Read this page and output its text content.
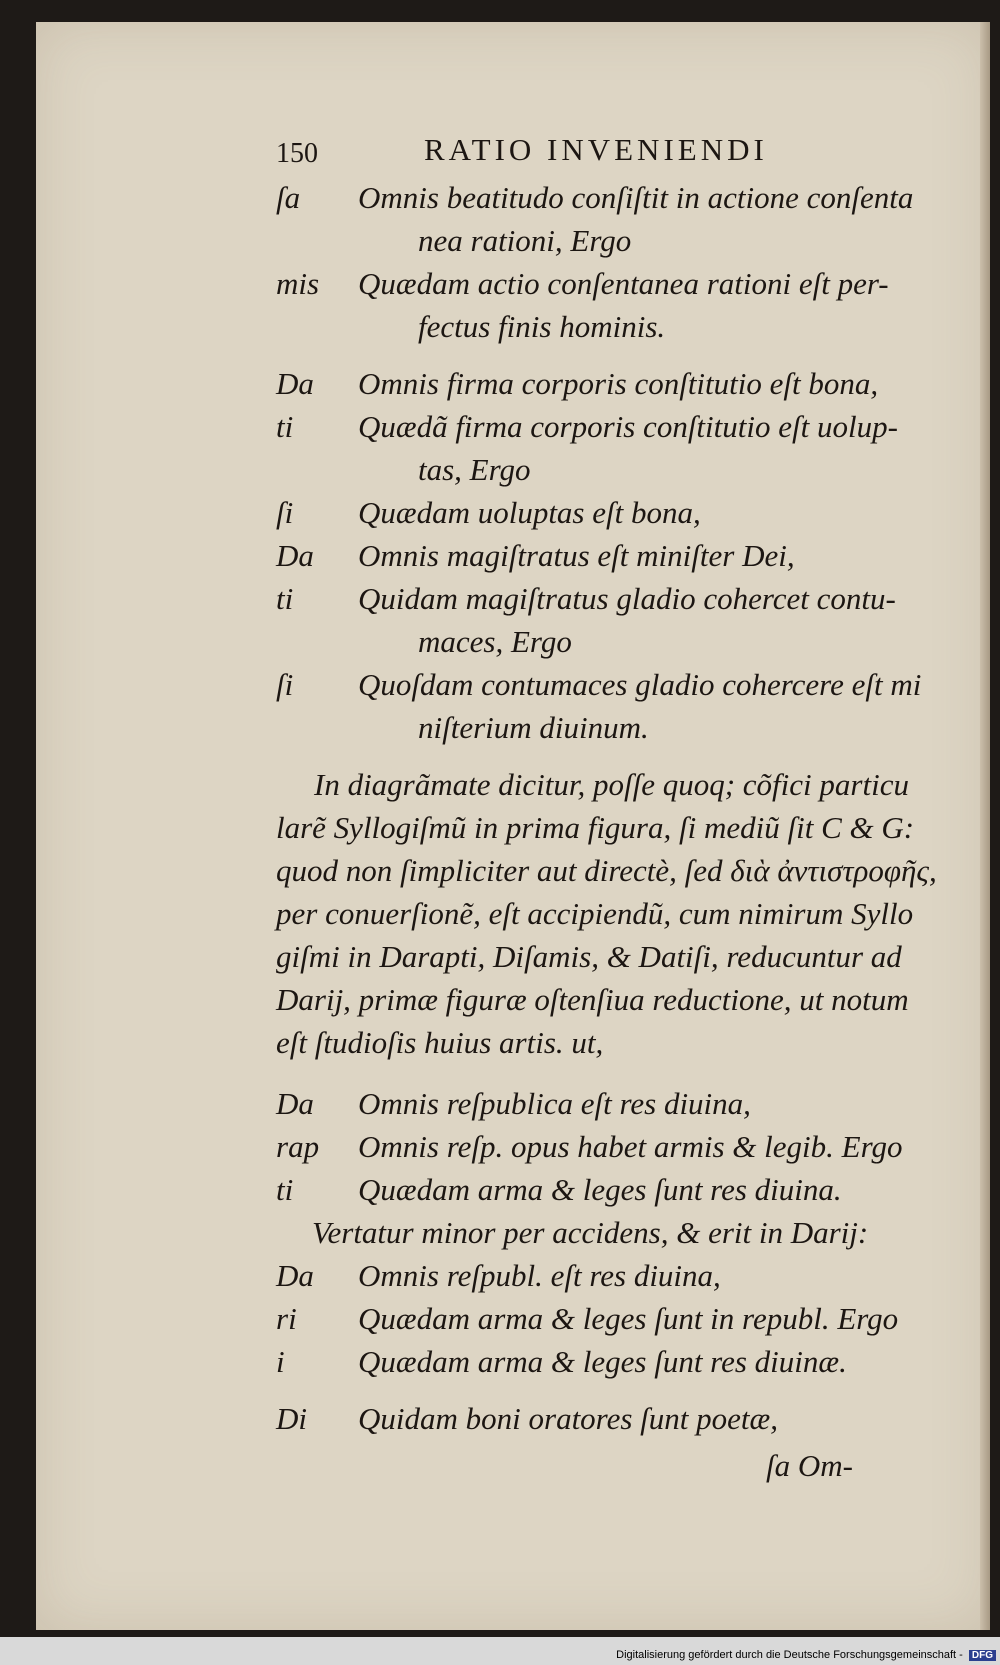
150	RATIO INVENIENDI
ſa	Omnis beatitudo conſiſtit in actione conſenta
nea rationi, Ergo
mis	Quædam actio conſentanea rationi eſt per-
fectus finis hominis.
Da	Omnis firma corporis conſtitutio eſt bona,
ti	Quædã firma corporis conſtitutio eſt uolup-
tas, Ergo
ſi	Quædam uoluptas eſt bona,
Da	Omnis magiſtratus eſt miniſter Dei,
ti	Quidam magiſtratus gladio cohercet contu-
maces, Ergo
ſi	Quoſdam contumaces gladio cohercere eſt mi
niſterium diuinum.
In diagrãmate dicitur, poſſe quoq; cõfici particu
larẽ Syllogiſmũ in prima figura, ſi mediũ ſit C & G:
quod non ſimpliciter aut directè, ſed διὰ ἀντιστροφῆς,
per conuerſionẽ, eſt accipiendũ, cum nimirum Syllo
giſmi in Darapti, Diſamis, & Datiſi, reducuntur ad
Darij, primæ figuræ oſtenſiua reductione, ut notum
eſt ſtudioſis huius artis. ut,
Da	Omnis reſpublica eſt res diuina,
rap	Omnis reſp. opus habet armis & legib. Ergo
ti	Quædam arma & leges ſunt res diuina.
Vertatur minor per accidens, & erit in Darij:
Da	Omnis reſpubl. eſt res diuina,
ri	Quædam arma & leges ſunt in republ. Ergo
i	Quædam arma & leges ſunt res diuinæ.
Di	Quidam boni oratores ſunt poetæ,
ſa Om-
Digitalisierung gefördert durch die Deutsche Forschungsgemeinschaft - DFG
